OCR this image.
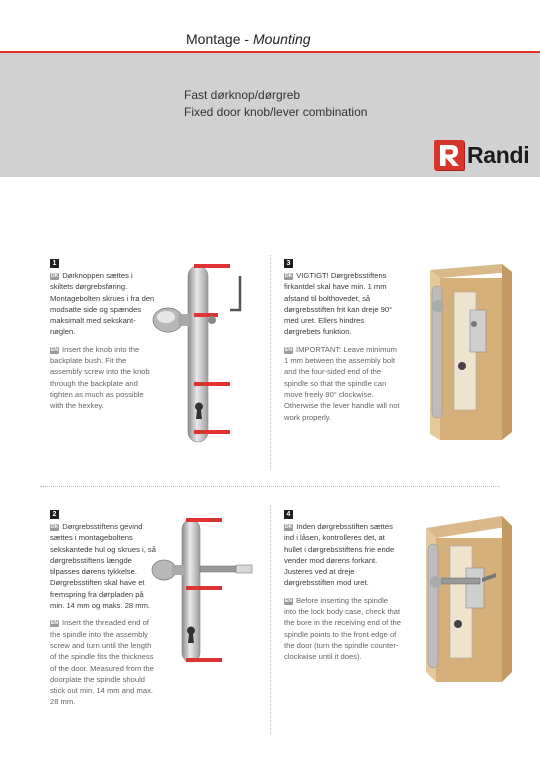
Montage - Mounting
Fast dørknop/dørgreb
Fixed door knob/lever combination
Randi
1

DK Dørknoppen sættes i skiltets dørgrebsføring. Montagebolten skrues i fra den modsatte side og spændes maksimalt med sekskant-nøglen.

EN Insert the knob into the backplate bush. Fit the assembly screw into the knob through the backplate and tighten as much as possible with the hexkey.

3

DK VIGTIGT! Dørgrebsstiftens firkantdel skal have min. 1 mm afstand til bolthovedet, så dørgrebsstiften frit kan dreje 90° med uret. Ellers hindres dørgrebets funktion.

EN IMPORTANT: Leave minimum 1 mm between the assembly bolt and the four-sided end of the spindle so that the spindle can move freely 90° clockwise. Otherwise the lever handle will not work properly.

2

DK Dørgrebsstiftens gevind sættes i montageboltens sekskantede hul og skrues i, så dørgrebsstiftens længde tilpasses dørens tykkelse. Dørgrebsstiften skal have et fremspring fra dørpladen på min. 14 mm og maks. 28 mm.

EN Insert the threaded end of the spindle into the assembly screw and turn until the length of the spindle fits the thickness of the door. Measured from the doorplate the spindle should stick out min. 14 mm and max. 28 mm.

4

DK Inden dørgrebsstiften sættes ind i låsen, kontrolleres det, at hullet i dørgrebsstiftens frie ende vender mod dørens forkant. Justeres ved at dreje dørgrebsstiften mod uret.

EN Before inserting the spindle into the lock body case, check that the bore in the receiving end of the spindle points to the front edge of the door (turn the spindle counter-clockwise until it does).
